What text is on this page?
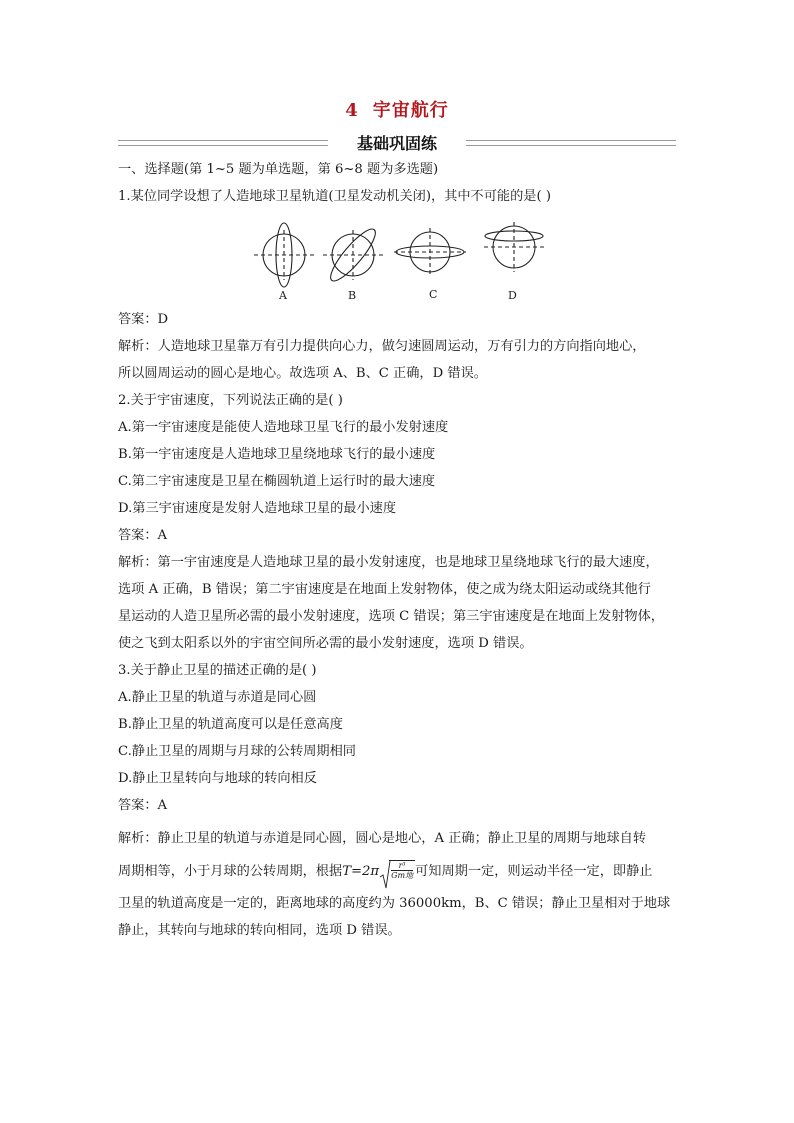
4 宇宙航行
基础巩固练
一、选择题(第 1~5 题为单选题，第 6~8 题为多选题)
1.某位同学设想了人造地球卫星轨道(卫星发动机关闭)，其中不可能的是( )
A	B	C	D
答案：D
解析：人造地球卫星靠万有引力提供向心力，做匀速圆周运动，万有引力的方向指向地心，
所以圆周运动的圆心是地心。故选项 A、B、C 正确，D 错误。
2.关于宇宙速度，下列说法正确的是( )
A.第一宇宙速度是能使人造地球卫星飞行的最小发射速度
B.第一宇宙速度是人造地球卫星绕地球飞行的最小速度
C.第二宇宙速度是卫星在椭圆轨道上运行时的最大速度
D.第三宇宙速度是发射人造地球卫星的最小速度
答案：A
解析：第一宇宙速度是人造地球卫星的最小发射速度，也是地球卫星绕地球飞行的最大速度，
选项 A 正确，B 错误；第二宇宙速度是在地面上发射物体，使之成为绕太阳运动或绕其他行
星运动的人造卫星所必需的最小发射速度，选项 C 错误；第三宇宙速度是在地面上发射物体，
使之飞到太阳系以外的宇宙空间所必需的最小发射速度，选项 D 错误。
3.关于静止卫星的描述正确的是( )
A.静止卫星的轨道与赤道是同心圆
B.静止卫星的轨道高度可以是任意高度
C.静止卫星的周期与月球的公转周期相同
D.静止卫星转向与地球的转向相反
答案：A
解析：静止卫星的轨道与赤道是同心圆，圆心是地心，A 正确；静止卫星的周期与地球自转
周期相等，小于月球的公转周期，根据T=2π	r³
Gm地 可知周期一定，则运动半径一定，即静止
卫星的轨道高度是一定的，距离地球的高度约为 36000km，B、C 错误；静止卫星相对于地球
静止，其转向与地球的转向相同，选项 D 错误。
